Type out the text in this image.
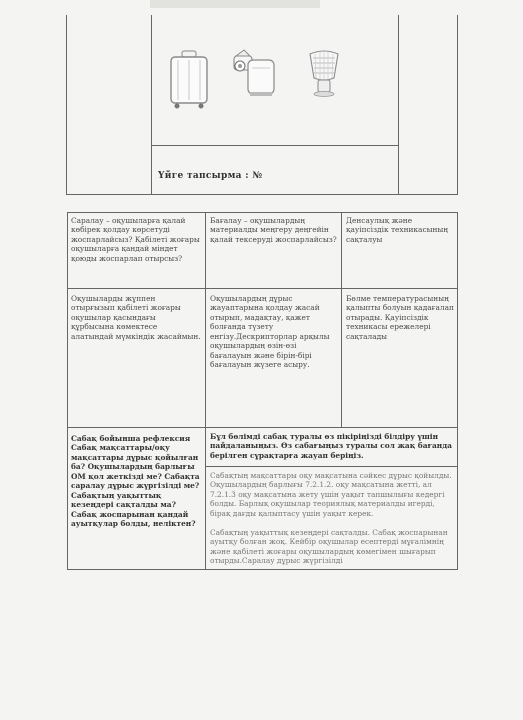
Үйге тапсырма : №
Саралау – оқушыларға қалай көбірек қолдау көрсетуді жоспарлайсыз? Қабілеті жоғары оқушыларға қандай міндет қоюды жоспарлап отырсыз?
Бағалау – оқушылардың материалды меңгеру деңгейін қалай тексеруді жоспарлайсыз?
Денсаулық және қауіпсіздік техникасының сақталуы
Оқушыларды жұппен отырғызып қабілеті жоғары оқушылар қасындағы құрбысына көмектесе алатындай мүмкіндік жасаймын.
Оқушылардың дұрыс жауаптарына қолдау жасай отырып, мадақтау, қажет болғанда түзету енгізу.Дескрипторлар арқылы оқушылардың өзін-өзі бағалауын және бірін-бірі бағалауын жүзеге асыру.
Бөлме температурасының қалыпты болуын қадағалап отырады. Қауіпсіздік техникасы ережелері сақталады
Сабақ бойынша рефлексия Сабақ мақсаттары/оқу мақсаттары дұрыс қойылған ба? Оқушылардың барлығы ОМ қол жеткізді ме? Сабақта саралау дұрыс жүргізілді ме? Сабақтың уақыттық кезеңдері сақталды ма? Сабақ жоспарынан қандай ауытқулар болды, неліктен?
Бұл бөлімді сабақ туралы өз пікіріңізді білдіру үшін пайдаланыңыз. Өз сабағыңыз туралы сол жақ бағанда берілген сұрақтарға жауап беріңіз.
Сабақтың мақсаттары оқу мақсатына сәйкес дұрыс қойылды. Оқушылардың барлығы 7.2.1.2. оқу мақсатына жетті, ал 7.2.1.3 оқу мақсатына жету үшін уақыт тапшылығы кедергі болды. Барлық оқушылар теориялық материалды игерді, бірақ дағды қалыптасу үшін уақыт керек.
Сабақтың уақыттық кезеңдері сақталды. Сабақ жоспарынан ауытқу болған жоқ. Кейбір оқушылар есептерді мұғалімнің және қабілеті жоғары оқушылардың көмегімен шығарып отырды.Саралау дұрыс жүргізілді
